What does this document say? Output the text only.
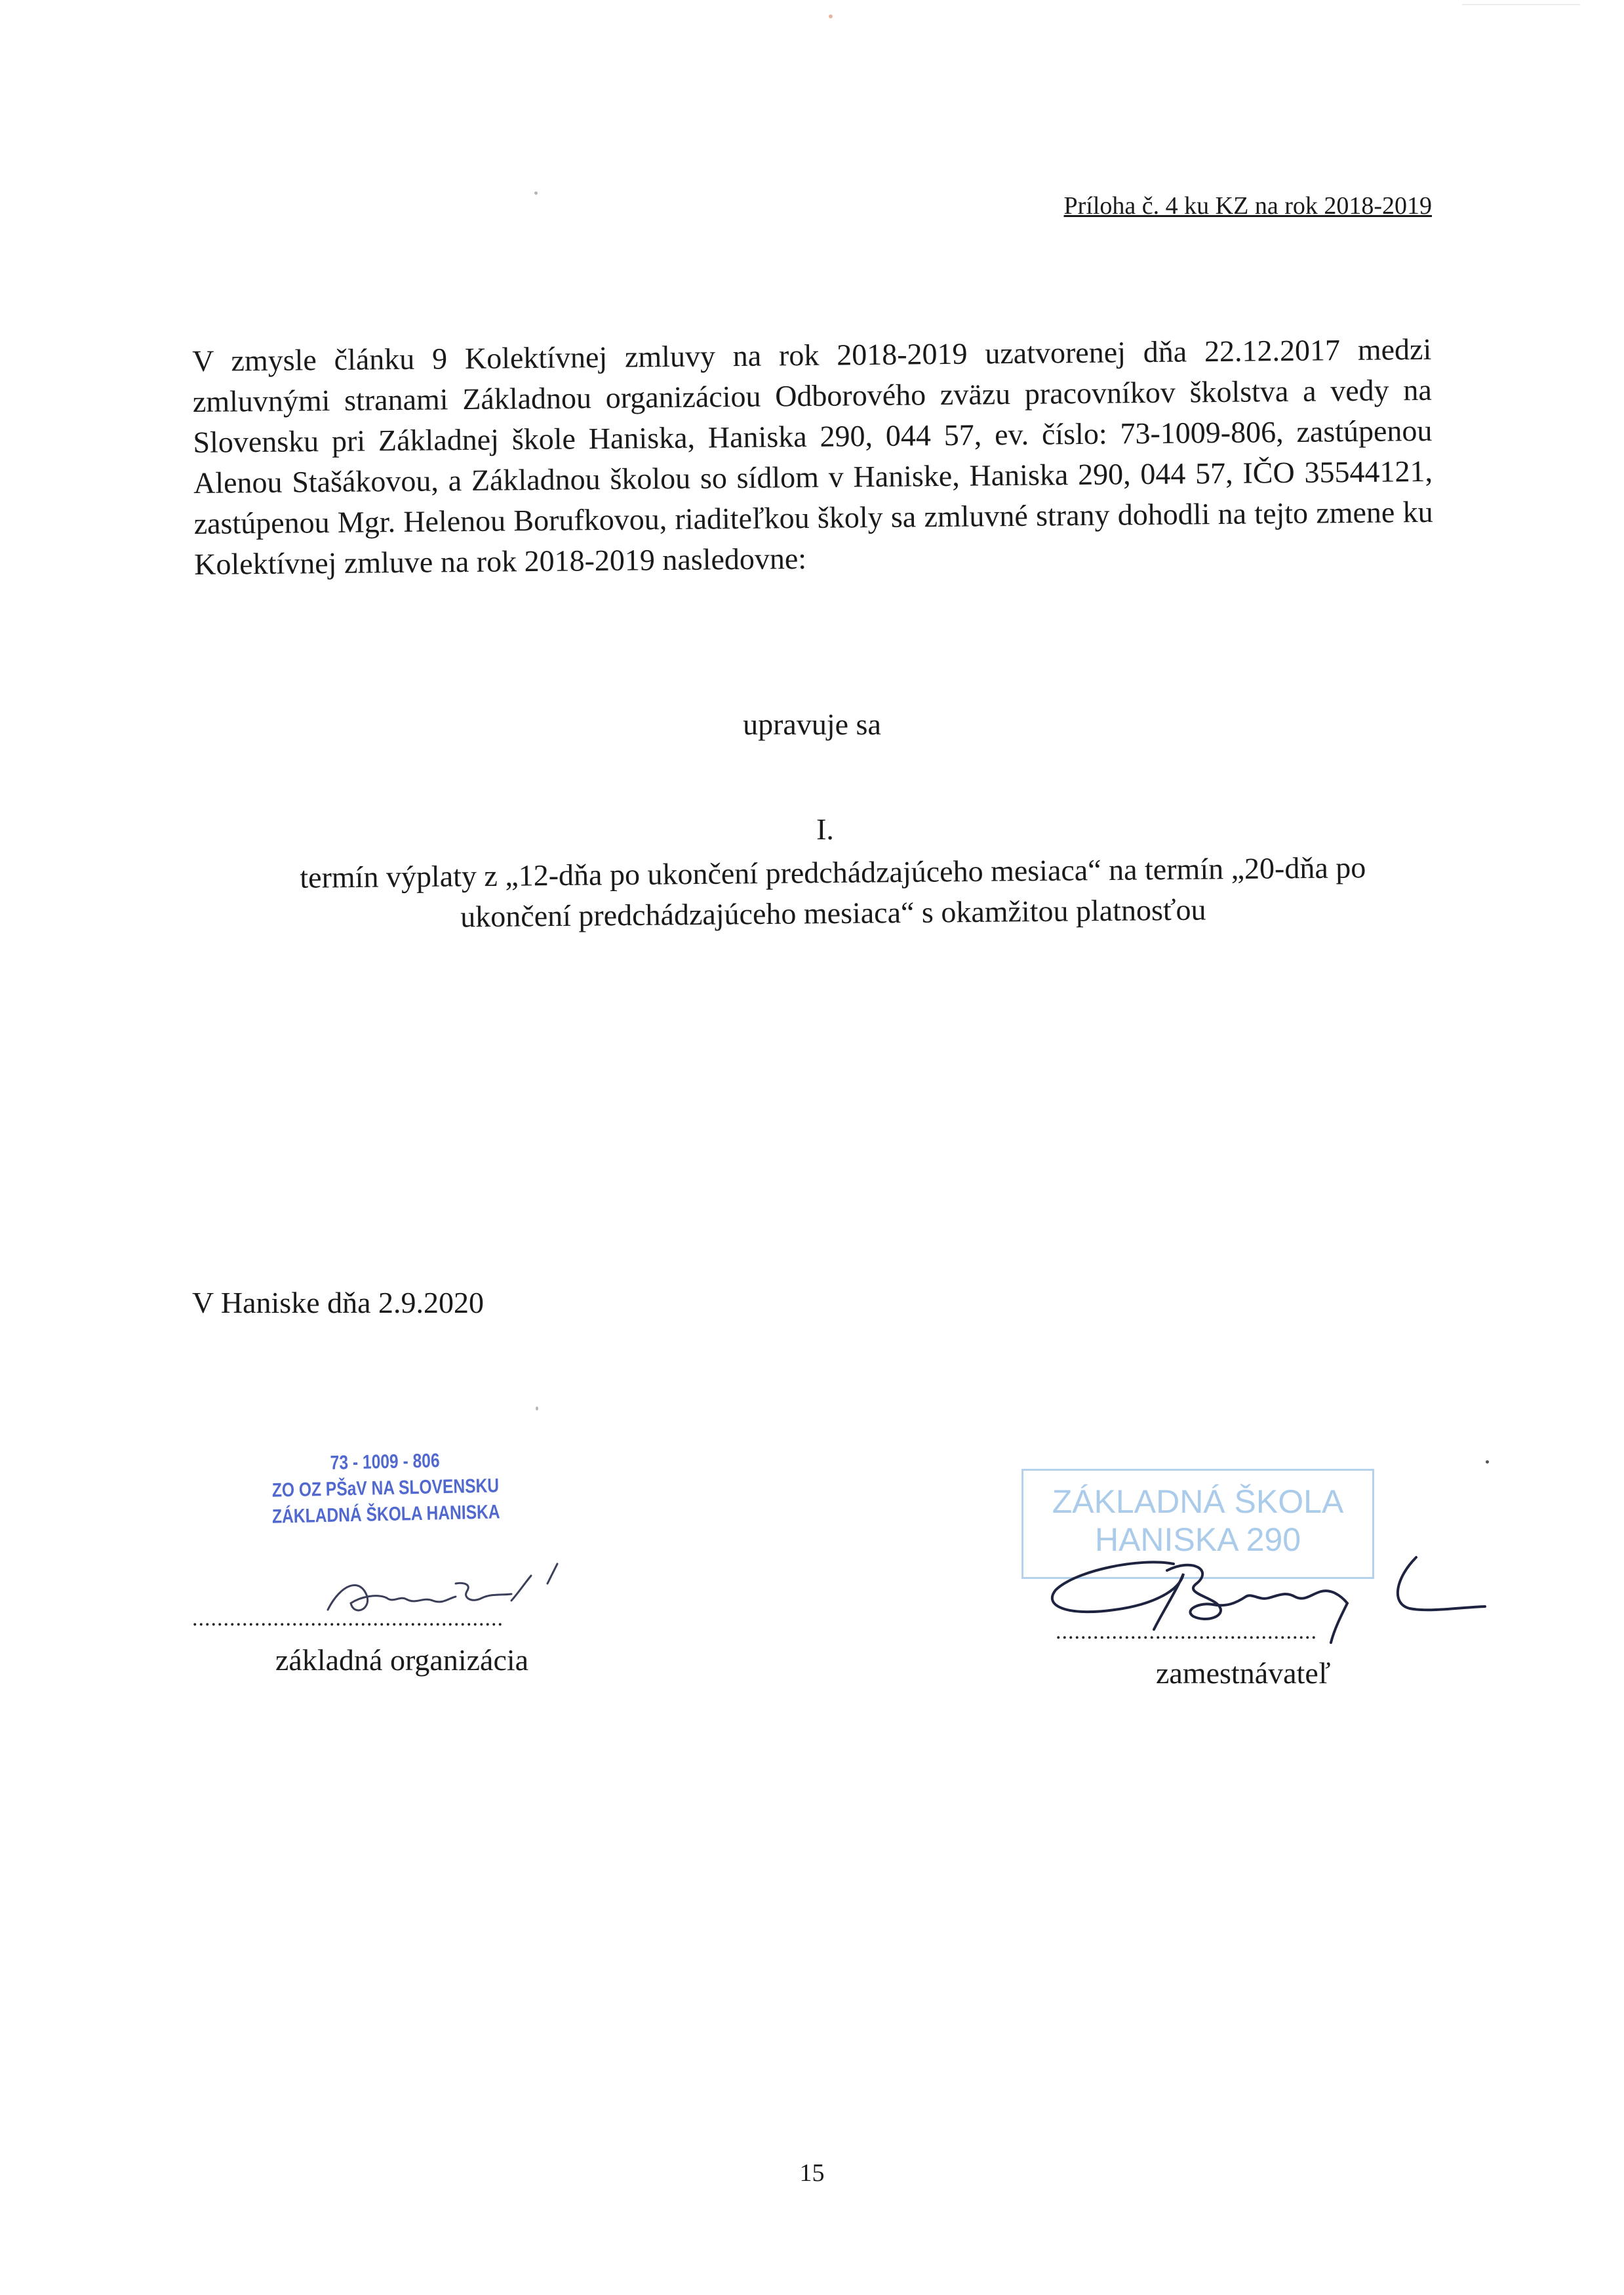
Príloha č. 4 ku KZ na rok 2018-2019
V zmysle článku 9 Kolektívnej zmluvy na rok 2018-2019 uzatvorenej dňa 22.12.2017 medzi zmluvnými stranami Základnou organizáciou Odborového zväzu pracovníkov školstva a vedy na Slovensku pri Základnej škole Haniska, Haniska 290, 044 57, ev. číslo: 73-1009-806, zastúpenou Alenou Stašákovou, a Základnou školou so sídlom v Haniske, Haniska 290, 044 57, IČO 35544121, zastúpenou Mgr. Helenou Borufkovou, riaditeľkou školy sa zmluvné strany dohodli na tejto zmene ku Kolektívnej zmluve na rok 2018-2019 nasledovne:
upravuje sa
I.
termín výplaty z „12-dňa po ukončení predchádzajúceho mesiaca“ na termín „20-dňa po ukončení predchádzajúceho mesiaca“ s okamžitou platnosťou
V Haniske dňa 2.9.2020
73 - 1009 - 806
ZO OZ PŠaV NA SLOVENSKU
ZÁKLADNÁ ŠKOLA HANISKA
..................................................
základná organizácia
ZÁKLADNÁ ŠKOLA
HANISKA 290
..........................................
zamestnávateľ
15
